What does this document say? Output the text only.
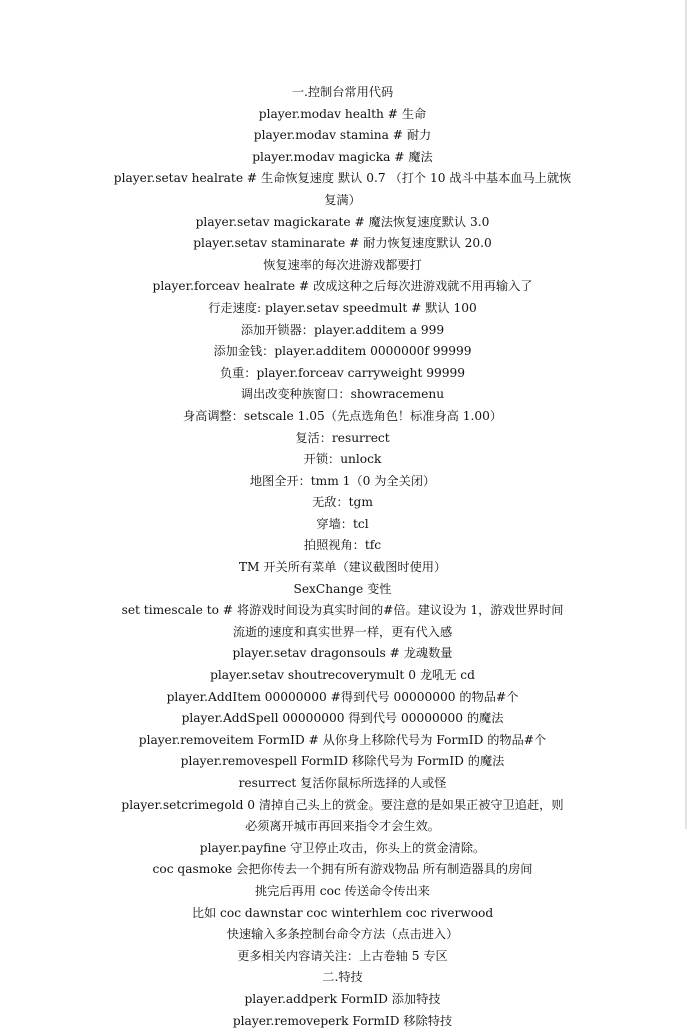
一.控制台常用代码
player.modav health # 生命
player.modav stamina # 耐力
player.modav magicka # 魔法
player.setav healrate # 生命恢复速度 默认 0.7 （打个 10 战斗中基本血马上就恢
复满）
player.setav magickarate # 魔法恢复速度默认 3.0
player.setav staminarate # 耐力恢复速度默认 20.0
恢复速率的每次进游戏都要打
player.forceav healrate # 改成这种之后每次进游戏就不用再输入了
行走速度: player.setav speedmult # 默认 100
添加开锁器：player.additem a 999
添加金钱：player.additem 0000000f 99999
负重：player.forceav carryweight 99999
调出改变种族窗口：showracemenu
身高调整：setscale 1.05（先点选角色！标准身高 1.00）
复活：resurrect
开锁：unlock
地图全开：tmm 1（0 为全关闭）
无敌：tgm
穿墙：tcl
拍照视角：tfc
TM 开关所有菜单（建议截图时使用）
SexChange 变性
set timescale to # 将游戏时间设为真实时间的#倍。建议设为 1，游戏世界时间
流逝的速度和真实世界一样，更有代入感
player.setav dragonsouls # 龙魂数量
player.setav shoutrecoverymult 0 龙吼无 cd
player.AddItem 00000000 #得到代号 00000000 的物品#个
player.AddSpell 00000000 得到代号 00000000 的魔法
player.removeitem FormID # 从你身上移除代号为 FormID 的物品#个
player.removespell FormID 移除代号为 FormID 的魔法
resurrect 复活你鼠标所选择的人或怪
player.setcrimegold 0 清掉自己头上的赏金。要注意的是如果正被守卫追赶，则
必须离开城市再回来指令才会生效。
player.payfine 守卫停止攻击，你头上的赏金清除。
coc qasmoke 会把你传去一个拥有所有游戏物品 所有制造器具的房间
挑完后再用 coc 传送命令传出来
比如 coc dawnstar coc winterhlem coc riverwood
快速输入多条控制台命令方法（点击进入）
更多相关内容请关注：上古卷轴 5 专区
二.特技
player.addperk FormID 添加特技
player.removeperk FormID 移除特技
